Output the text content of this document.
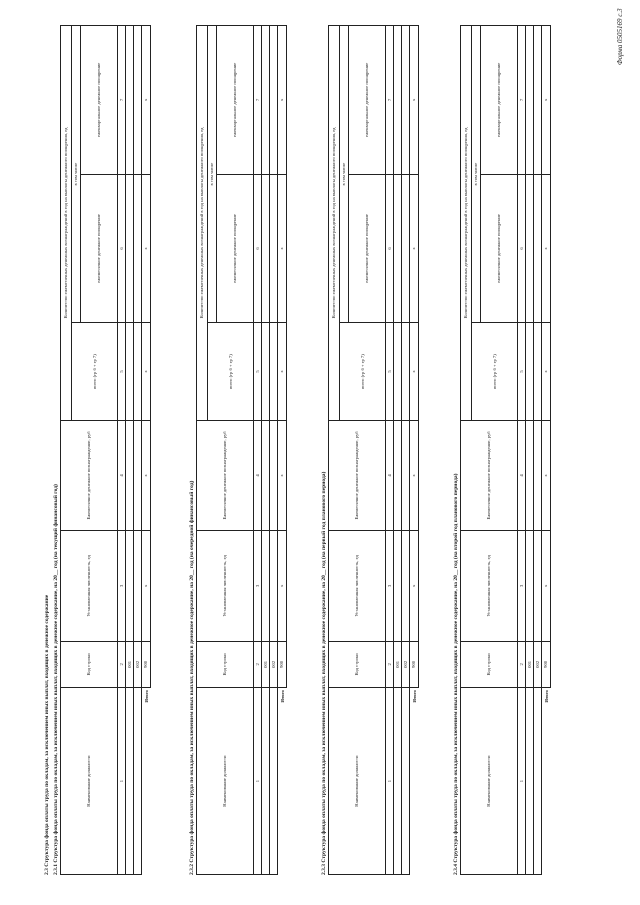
Форма 0505169 с.3
2.3 Структура фонда оплаты труда по окладам, за исключением иных выплат, входящих в денежное содержание 2.3.1 Структура фонда оплаты труда по окладам, за исключением иных выплат, входящих в денежное содержание, на 20__ год (на текущий финансовый год)	Наименование должности	Код строки	Установленная численность, ед	Ежемесячное денежное вознаграждение, руб	Количество ежемесячных денежных вознаграждений в год на выплаты денежного поощрения, ед		
				всего (гр 6 + гр 7)	в том числе	
					ежемесячное денежное поощрение	ежеквартальное денежное поощрение
1	2	3	4	5	6	7
	001					
	002					
Итого	900	х	х	х	х	х
2.3.2 Структура фонда оплаты труда по окладам, за исключением иных выплат, входящих в денежное содержание, на 20__ год (на очередной финансовый год)	Наименование должности	Код строки	Установленная численность, ед	Ежемесячное денежное вознаграждение, руб	Количество ежемесячных денежных вознаграждений в год на выплаты денежного поощрения, ед		
				всего (гр 6 + гр 7)	в том числе	
					ежемесячное денежное поощрение	ежеквартальное денежное поощрение
1	2	3	4	5	6	7
	001					
	002					
Итого	900	х	х	х	х	х
2.3.3 Структура фонда оплаты труда по окладам, за исключением иных выплат, входящих в денежное содержание, на 20__ год (на первый год планового периода)	Наименование должности	Код строки	Установленная численность, ед	Ежемесячное денежное вознаграждение, руб	Количество ежемесячных денежных вознаграждений в год на выплаты денежного поощрения, ед		
				всего (гр 6 + гр 7)	в том числе	
					ежемесячное денежное поощрение	ежеквартальное денежное поощрение
1	2	3	4	5	6	7
	001					
	002					
Итого	900	х	х	х	х	х
2.3.4 Структура фонда оплаты труда по окладам, за исключением иных выплат, входящих в денежное содержание, на 20__ год (на второй год планового периода)	Наименование должности	Код строки	Установленная численность, ед	Ежемесячное денежное вознаграждение, руб	Количество ежемесячных денежных вознаграждений в год на выплаты денежного поощрения, ед		
				всего (гр 6 + гр 7)	в том числе	
					ежемесячное денежное поощрение	ежеквартальное денежное поощрение
1	2	3	4	5	6	7
	001					
	002					
Итого	900	х	х	х	х	х
